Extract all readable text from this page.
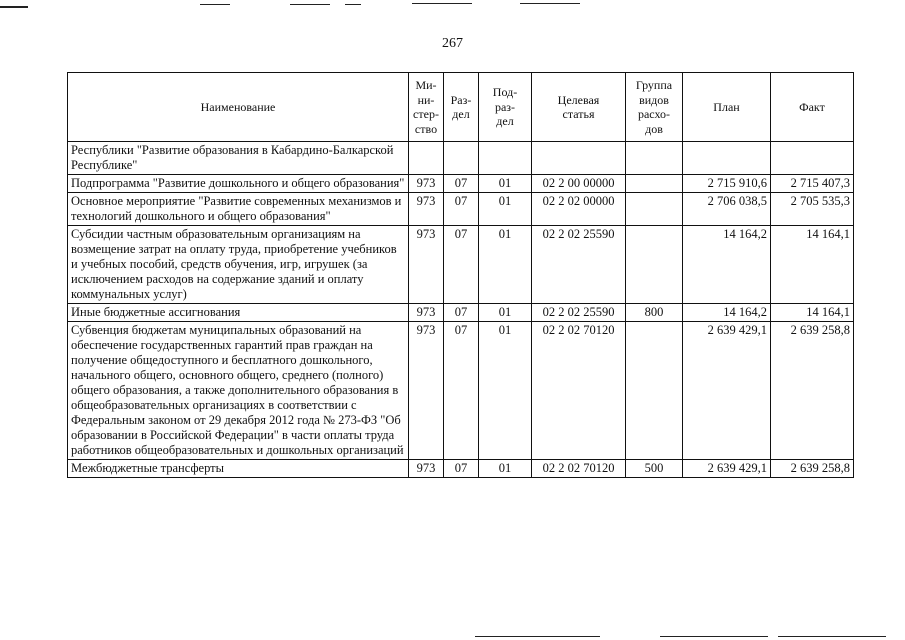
267
Наименование	Ми-
ни-
стер-
ство	Раз-
дел	Под-
раз-
дел	Целевая
статья	Группа
видов
расхо-
дов	План	Факт
Республики "Развитие образования в Кабардино-Балкарской Республике"							
Подпрограмма "Развитие дошкольного и общего образования"	973	07	01	02 2 00 00000		2 715 910,6	2 715 407,3
Основное мероприятие "Развитие современных механизмов и технологий дошкольного и общего образования"	973	07	01	02 2 02 00000		2 706 038,5	2 705 535,3
Субсидии частным образовательным организациям на возмещение затрат на оплату труда, приобретение учебников и учебных пособий, средств обучения, игр, игрушек (за исключением расходов на содержание зданий и оплату коммунальных услуг)	973	07	01	02 2 02 25590		14 164,2	14 164,1
Иные бюджетные ассигнования	973	07	01	02 2 02 25590	800	14 164,2	14 164,1
Субвенция бюджетам муниципальных образований на обеспечение государственных гарантий прав граждан на получение общедоступного и бесплатного дошкольного, начального общего, основного общего, среднего (полного) общего образования, а также дополнительного образования в общеобразовательных организациях в соответствии с Федеральным законом от 29 декабря 2012 года № 273-ФЗ "Об образовании в Российской Федерации" в части оплаты труда работников общеобразовательных и дошкольных организаций	973	07	01	02 2 02 70120		2 639 429,1	2 639 258,8
Межбюджетные трансферты	973	07	01	02 2 02 70120	500	2 639 429,1	2 639 258,8
